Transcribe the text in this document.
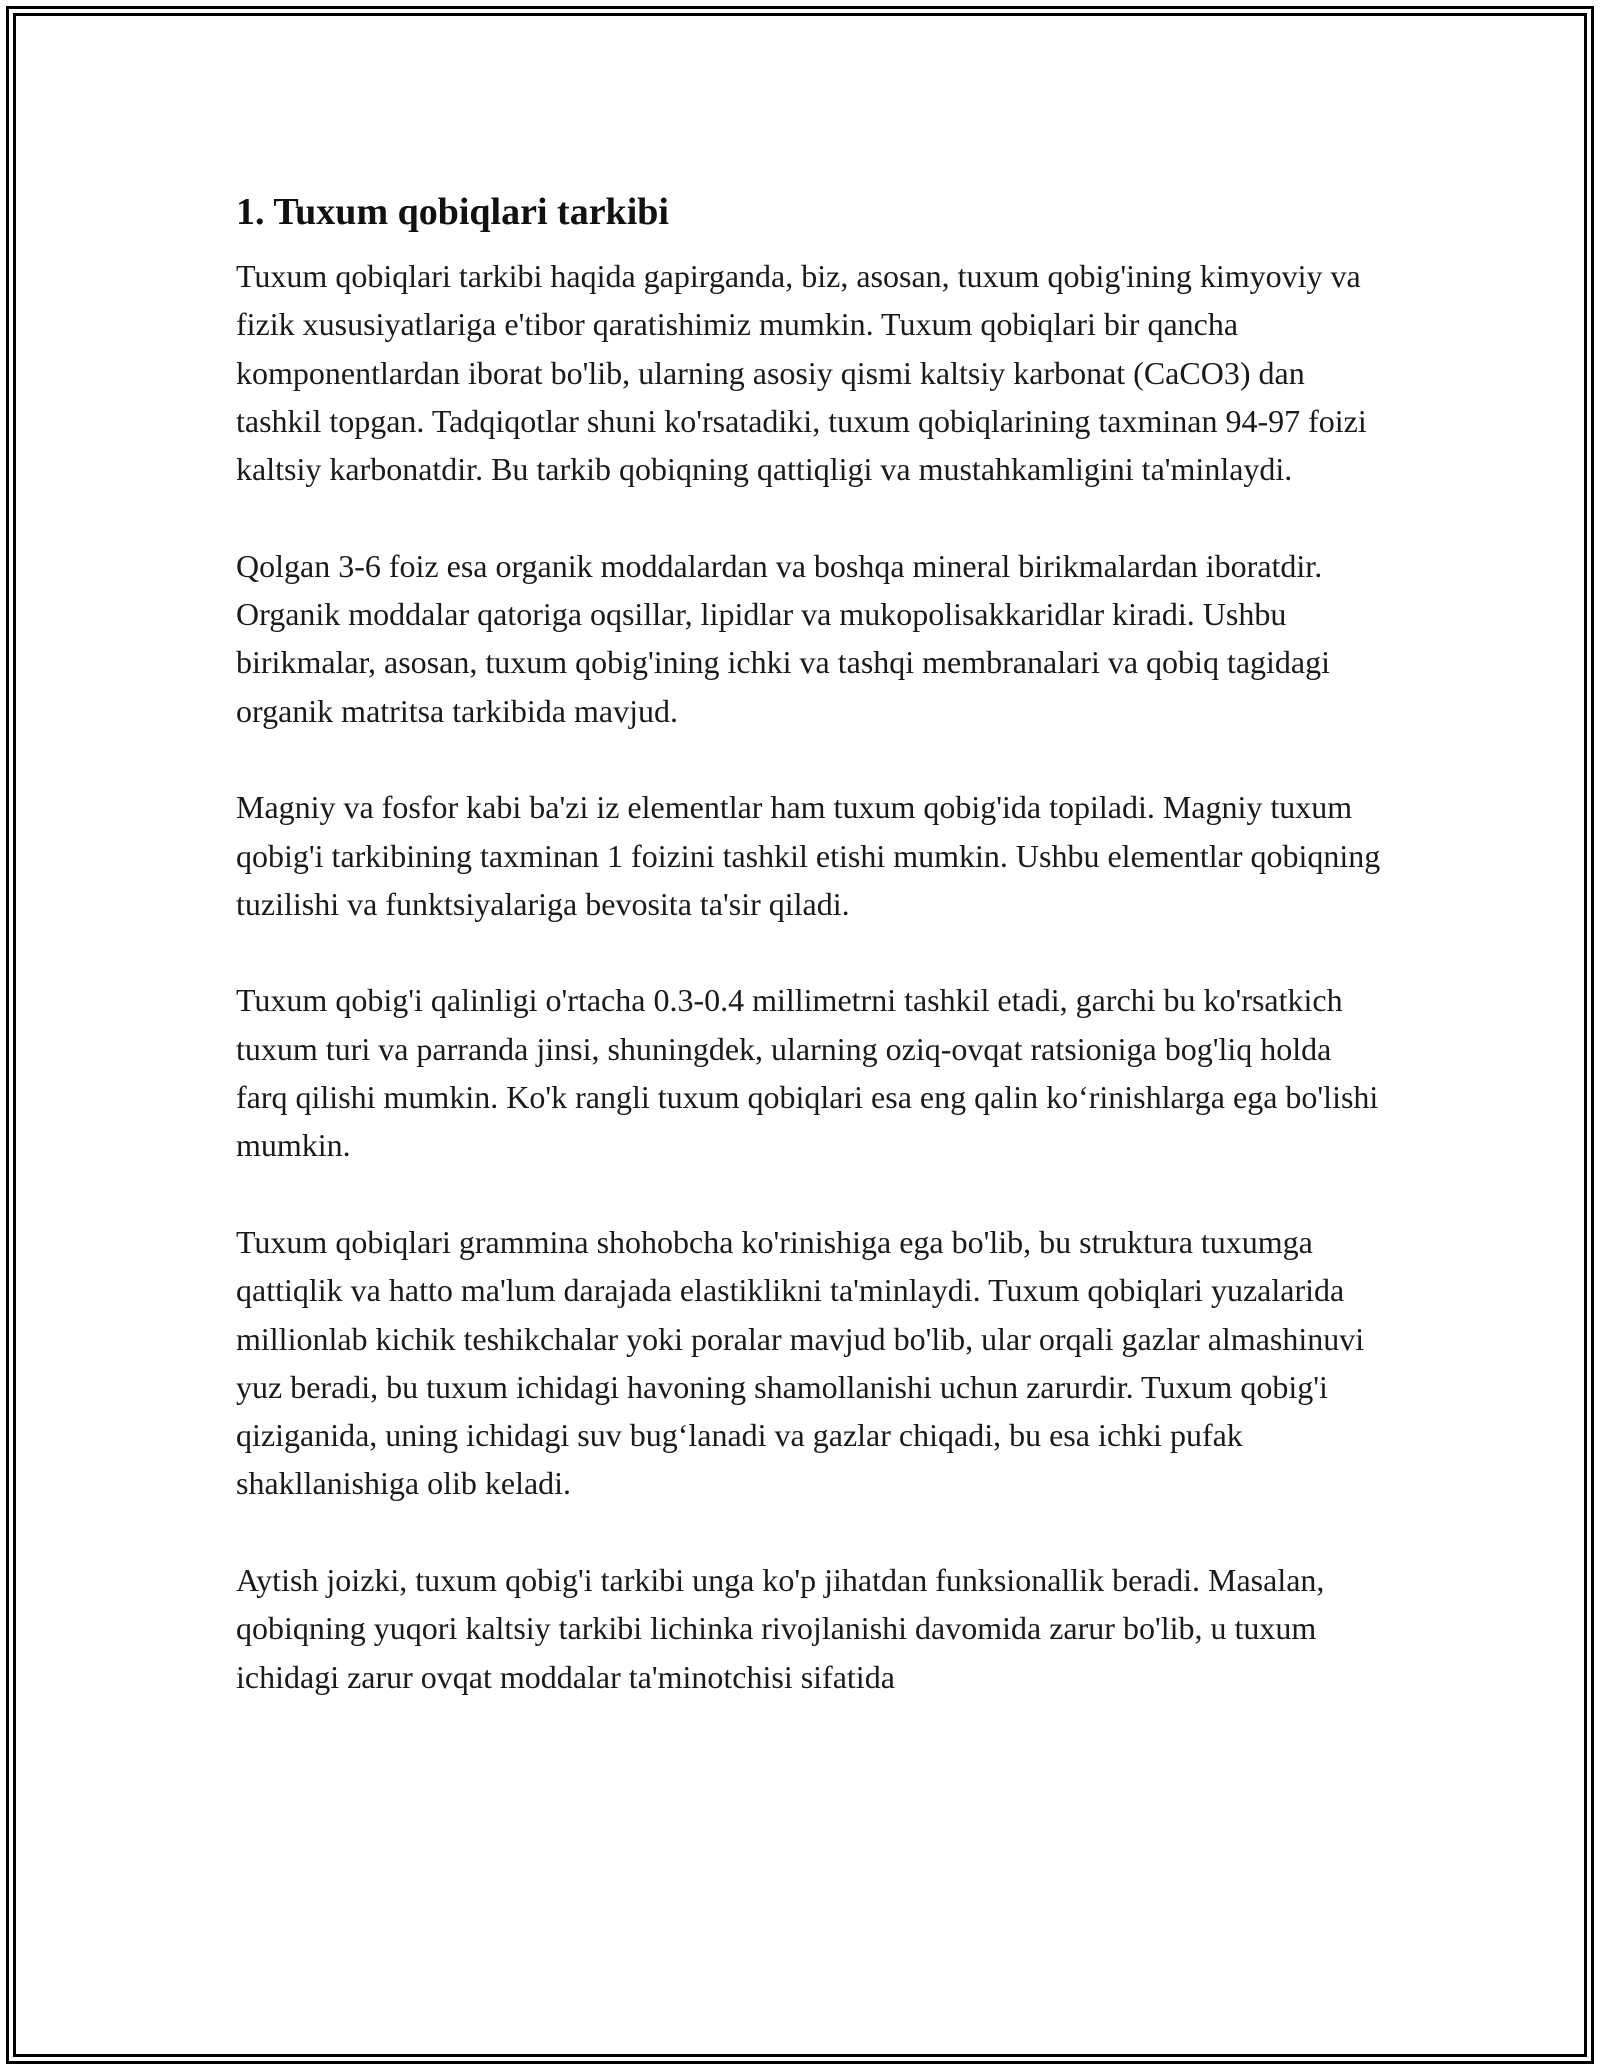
1. Tuxum qobiqlari tarkibi

Tuxum qobiqlari tarkibi haqida gapirganda, biz, asosan, tuxum qobig'ining kimyoviy va fizik xususiyatlariga e'tibor qaratishimiz mumkin. Tuxum qobiqlari bir qancha komponentlardan iborat bo'lib, ularning asosiy qismi kaltsiy karbonat (CaCO3) dan tashkil topgan. Tadqiqotlar shuni ko'rsatadiki, tuxum qobiqlarining taxminan 94-97 foizi kaltsiy karbonatdir. Bu tarkib qobiqning qattiqligi va mustahkamligini ta'minlaydi.

Qolgan 3-6 foiz esa organik moddalardan va boshqa mineral birikmalardan iboratdir. Organik moddalar qatoriga oqsillar, lipidlar va mukopolisakkaridlar kiradi. Ushbu birikmalar, asosan, tuxum qobig'ining ichki va tashqi membranalari va qobiq tagidagi organik matritsa tarkibida mavjud.

Magniy va fosfor kabi ba'zi iz elementlar ham tuxum qobig'ida topiladi. Magniy tuxum qobig'i tarkibining taxminan 1 foizini tashkil etishi mumkin. Ushbu elementlar qobiqning tuzilishi va funktsiyalariga bevosita ta'sir qiladi.

Tuxum qobig'i qalinligi o'rtacha 0.3-0.4 millimetrni tashkil etadi, garchi bu ko'rsatkich tuxum turi va parranda jinsi, shuningdek, ularning oziq-ovqat ratsioniga bog'liq holda farq qilishi mumkin. Ko'k rangli tuxum qobiqlari esa eng qalin ko‘rinishlarga ega bo'lishi mumkin.

Tuxum qobiqlari grammina shohobcha ko'rinishiga ega bo'lib, bu struktura tuxumga qattiqlik va hatto ma'lum darajada elastiklikni ta'minlaydi. Tuxum qobiqlari yuzalarida millionlab kichik teshikchalar yoki poralar mavjud bo'lib, ular orqali gazlar almashinuvi yuz beradi, bu tuxum ichidagi havoning shamollanishi uchun zarurdir. Tuxum qobig'i qiziganida, uning ichidagi suv bug‘lanadi va gazlar chiqadi, bu esa ichki pufak shakllanishiga olib keladi.

Aytish joizki, tuxum qobig'i tarkibi unga ko'p jihatdan funksionallik beradi. Masalan, qobiqning yuqori kaltsiy tarkibi lichinka rivojlanishi davomida zarur bo'lib, u tuxum ichidagi zarur ovqat moddalar ta'minotchisi sifatida
